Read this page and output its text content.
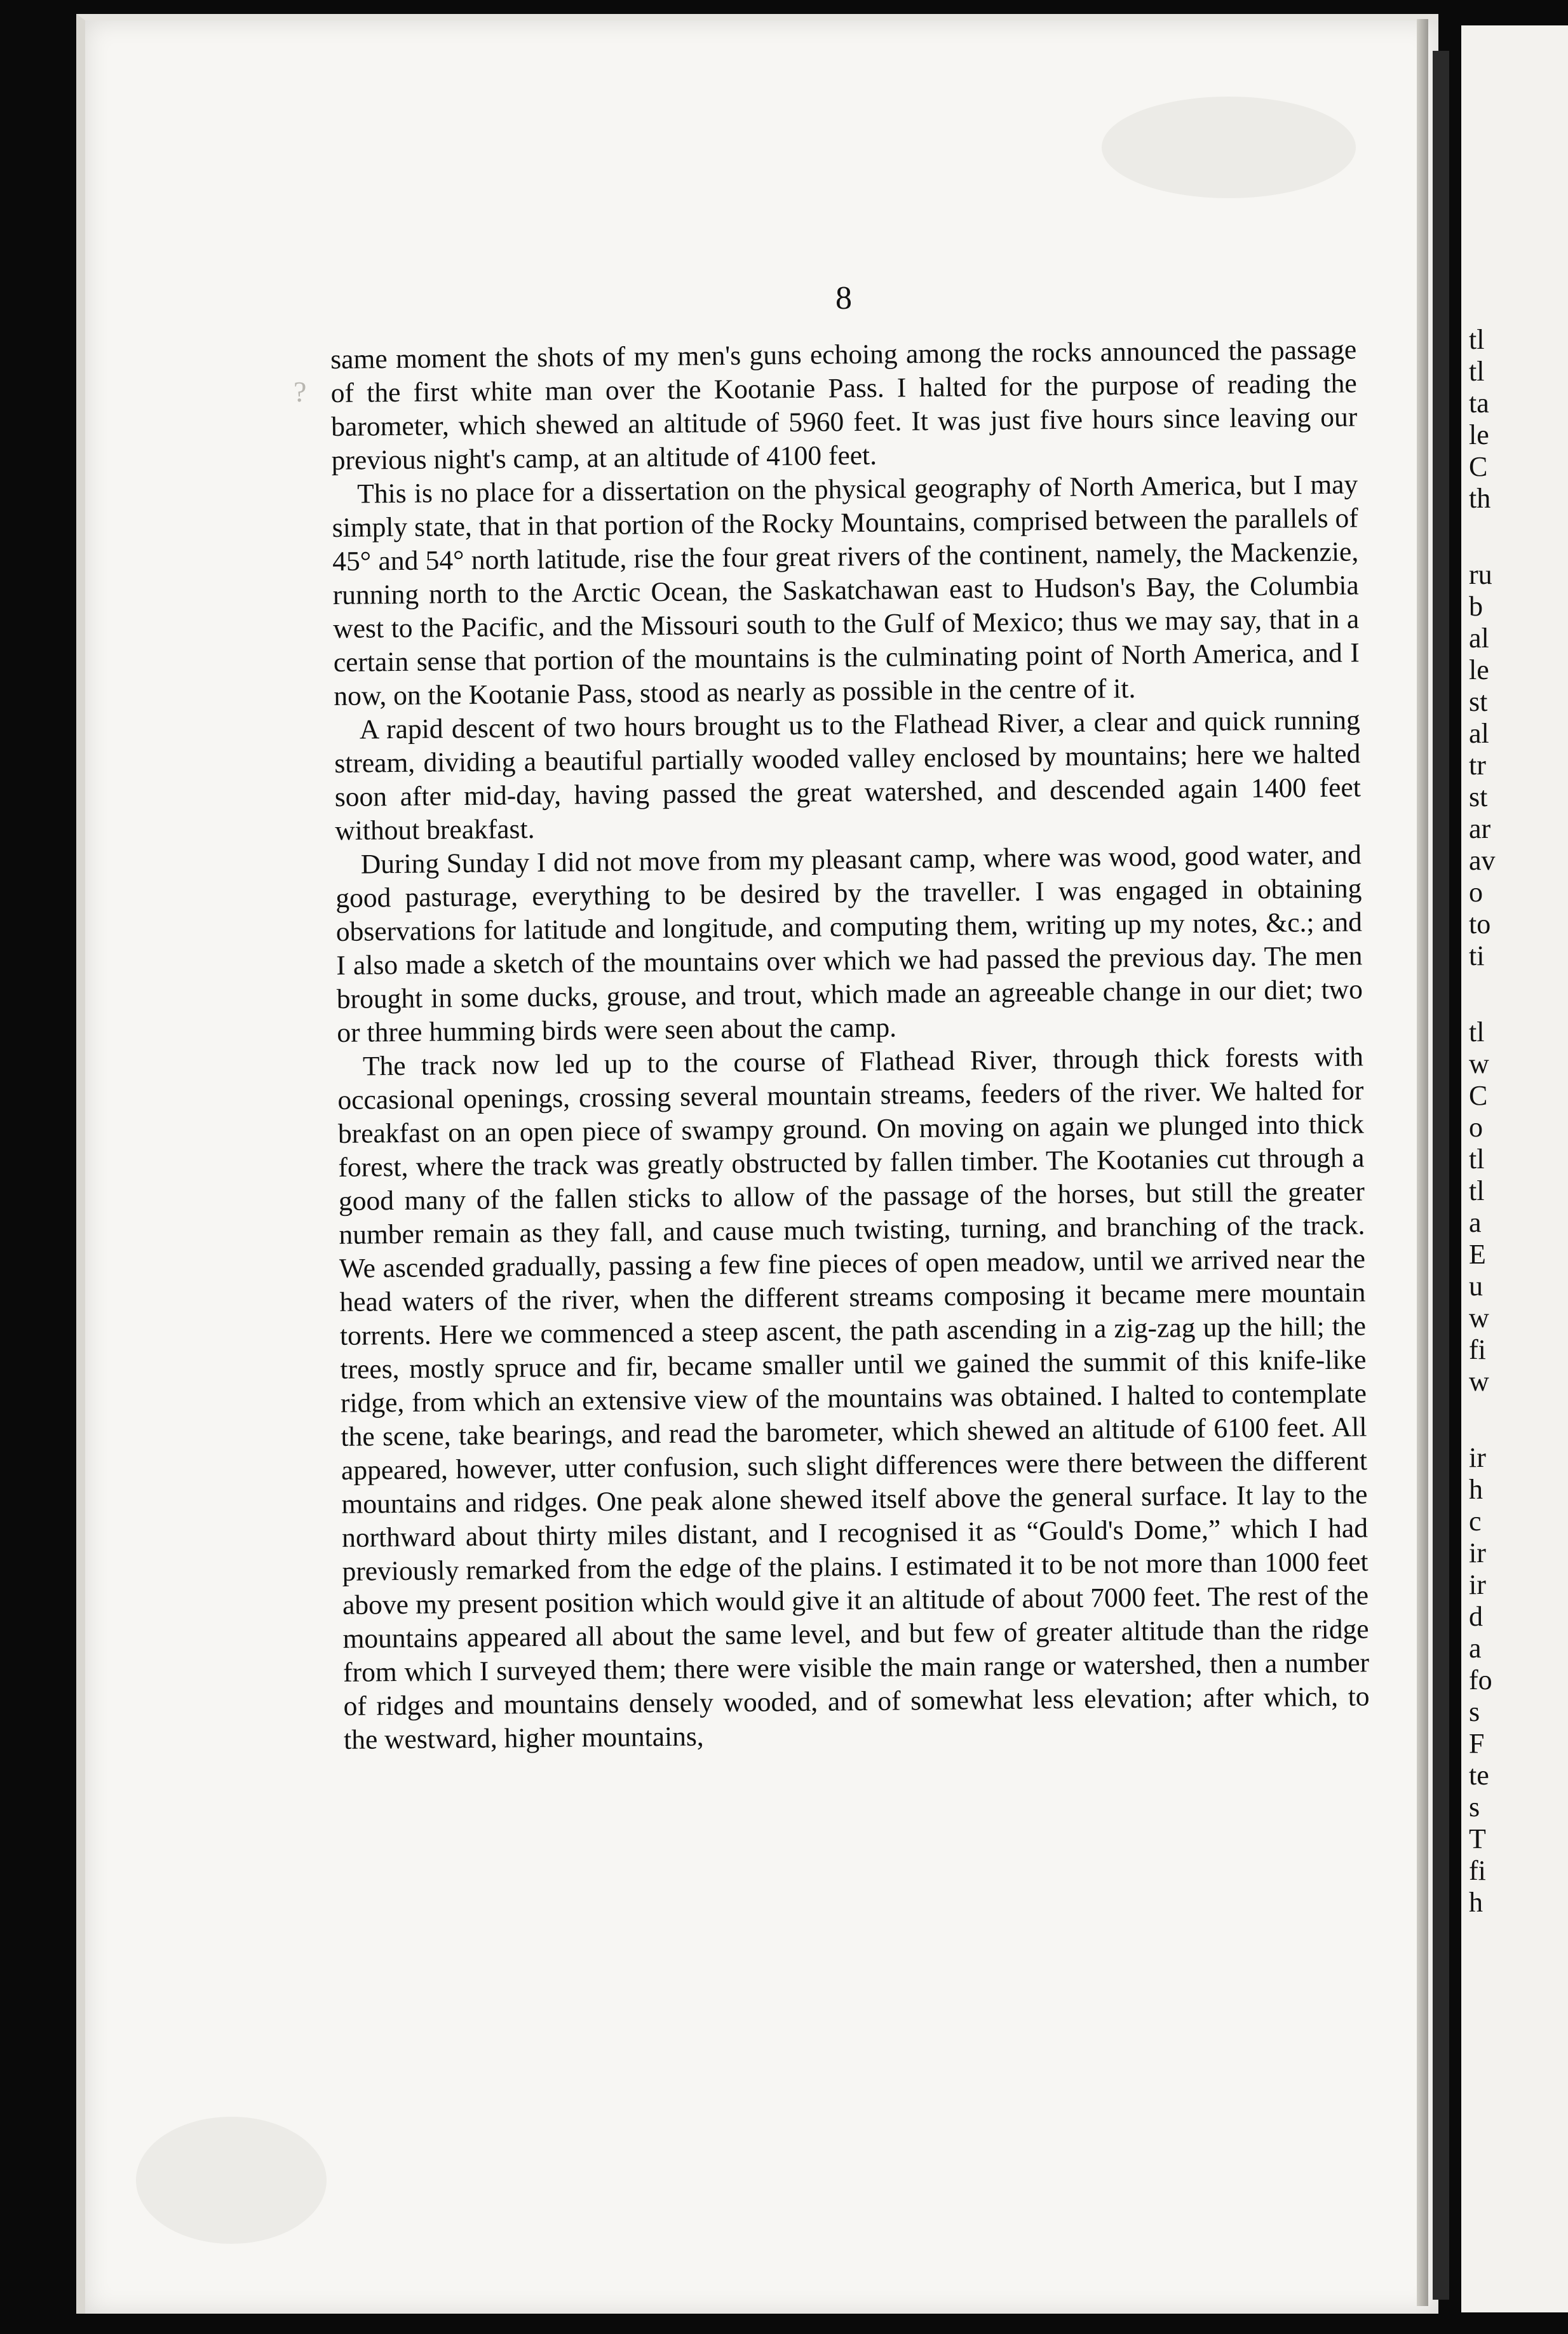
tl

tl

ta

le

C

th

ru

b

al

le

st

al

tr

st

ar

av

o

to

ti

tl

w

C

o

tl

tl

a

E

u

w

fi

w

ir

h

c

ir

ir

d

a

fo

s

F

te

s

T

fi

h

8

?

same moment the shots of my men's guns echoing among the rocks announced the passage of the first white man over the Kootanie Pass. I halted for the purpose of reading the barometer, which shewed an altitude of 5960 feet. It was just five hours since leaving our previous night's camp, at an altitude of 4100 feet.

This is no place for a dissertation on the physical geography of North America, but I may simply state, that in that portion of the Rocky Mountains, comprised between the parallels of 45° and 54° north latitude, rise the four great rivers of the continent, namely, the Mackenzie, running north to the Arctic Ocean, the Saskatchawan east to Hudson's Bay, the Columbia west to the Pacific, and the Missouri south to the Gulf of Mexico; thus we may say, that in a certain sense that portion of the mountains is the culminating point of North America, and I now, on the Kootanie Pass, stood as nearly as possible in the centre of it.

A rapid descent of two hours brought us to the Flathead River, a clear and quick running stream, dividing a beautiful partially wooded valley enclosed by mountains; here we halted soon after mid-day, having passed the great watershed, and descended again 1400 feet without breakfast.

During Sunday I did not move from my pleasant camp, where was wood, good water, and good pasturage, everything to be desired by the traveller. I was engaged in obtaining observations for latitude and longitude, and computing them, writing up my notes, &c.; and I also made a sketch of the mountains over which we had passed the previous day. The men brought in some ducks, grouse, and trout, which made an agreeable change in our diet; two or three humming birds were seen about the camp.

The track now led up to the course of Flathead River, through thick forests with occasional openings, crossing several mountain streams, feeders of the river. We halted for breakfast on an open piece of swampy ground. On moving on again we plunged into thick forest, where the track was greatly obstructed by fallen timber. The Kootanies cut through a good many of the fallen sticks to allow of the passage of the horses, but still the greater number remain as they fall, and cause much twisting, turning, and branching of the track. We ascended gradually, passing a few fine pieces of open meadow, until we arrived near the head waters of the river, when the different streams composing it became mere mountain torrents. Here we commenced a steep ascent, the path ascending in a zig-zag up the hill; the trees, mostly spruce and fir, became smaller until we gained the summit of this knife-like ridge, from which an extensive view of the mountains was obtained. I halted to contemplate the scene, take bearings, and read the barometer, which shewed an altitude of 6100 feet. All appeared, however, utter confusion, such slight differences were there between the different mountains and ridges. One peak alone shewed itself above the general surface. It lay to the northward about thirty miles distant, and I recognised it as “Gould's Dome,” which I had previously remarked from the edge of the plains. I estimated it to be not more than 1000 feet above my present position which would give it an altitude of about 7000 feet. The rest of the mountains appeared all about the same level, and but few of greater altitude than the ridge from which I surveyed them; there were visible the main range or watershed, then a number of ridges and mountains densely wooded, and of somewhat less elevation; after which, to the westward, higher mountains,
